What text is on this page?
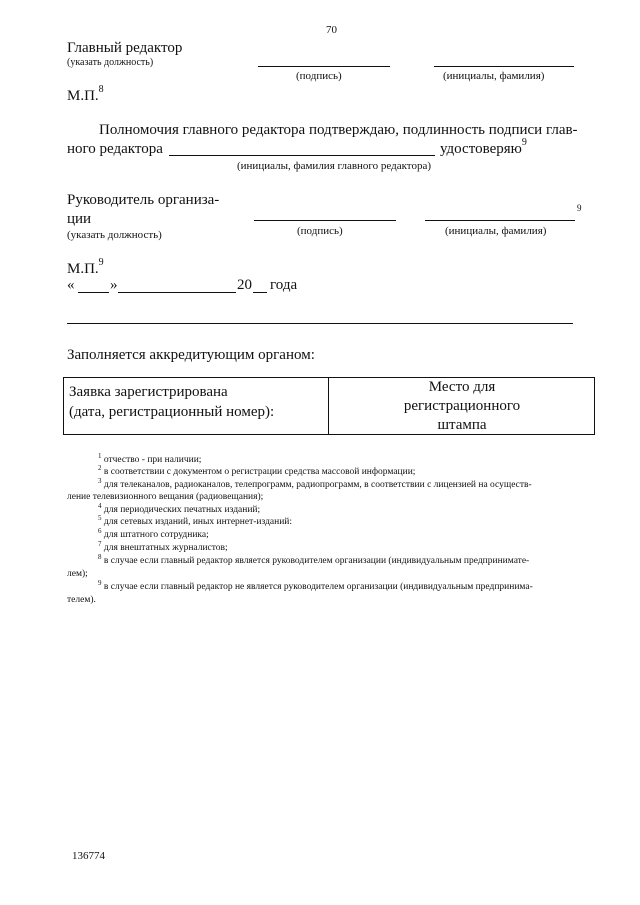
70
Главный редактор
(указать должность)
(подпись)	(инициалы, фамилия)
М.П.$^8$
Полномочия главного редактора подтверждаю, подлинность подписи глав-
ного редактора	удостоверяю$^9$
(инициалы, фамилия главного редактора)
Руководитель организа-
ции
9
(указать должность)	(подпись)	(инициалы, фамилия)
М.П.$^9$
« »	20 года
Заполняется аккредитующим органом:
Заявка зарегистрирована
(дата, регистрационный номер):
Место для
регистрационного
штампа
$^1$ отчество - при наличии;
$^2$ в соответствии с документом о регистрации средства массовой информации;
$^3$ для телеканалов, радиоканалов, телепрограмм, радиопрограмм, в соответствии с лицензией на осуществ-
ление телевизионного вещания (радиовещания);
$^4$ для периодических печатных изданий;
$^5$ для сетевых изданий, иных интернет-изданий:
$^6$ для штатного сотрудника;
$^7$ для внештатных журналистов;
$^8$ в случае если главный редактор является руководителем организации (индивидуальным предпринимате-
лем);
$^9$ в случае если главный редактор не является руководителем организации (индивидуальным предпринима-
телем).
136774
